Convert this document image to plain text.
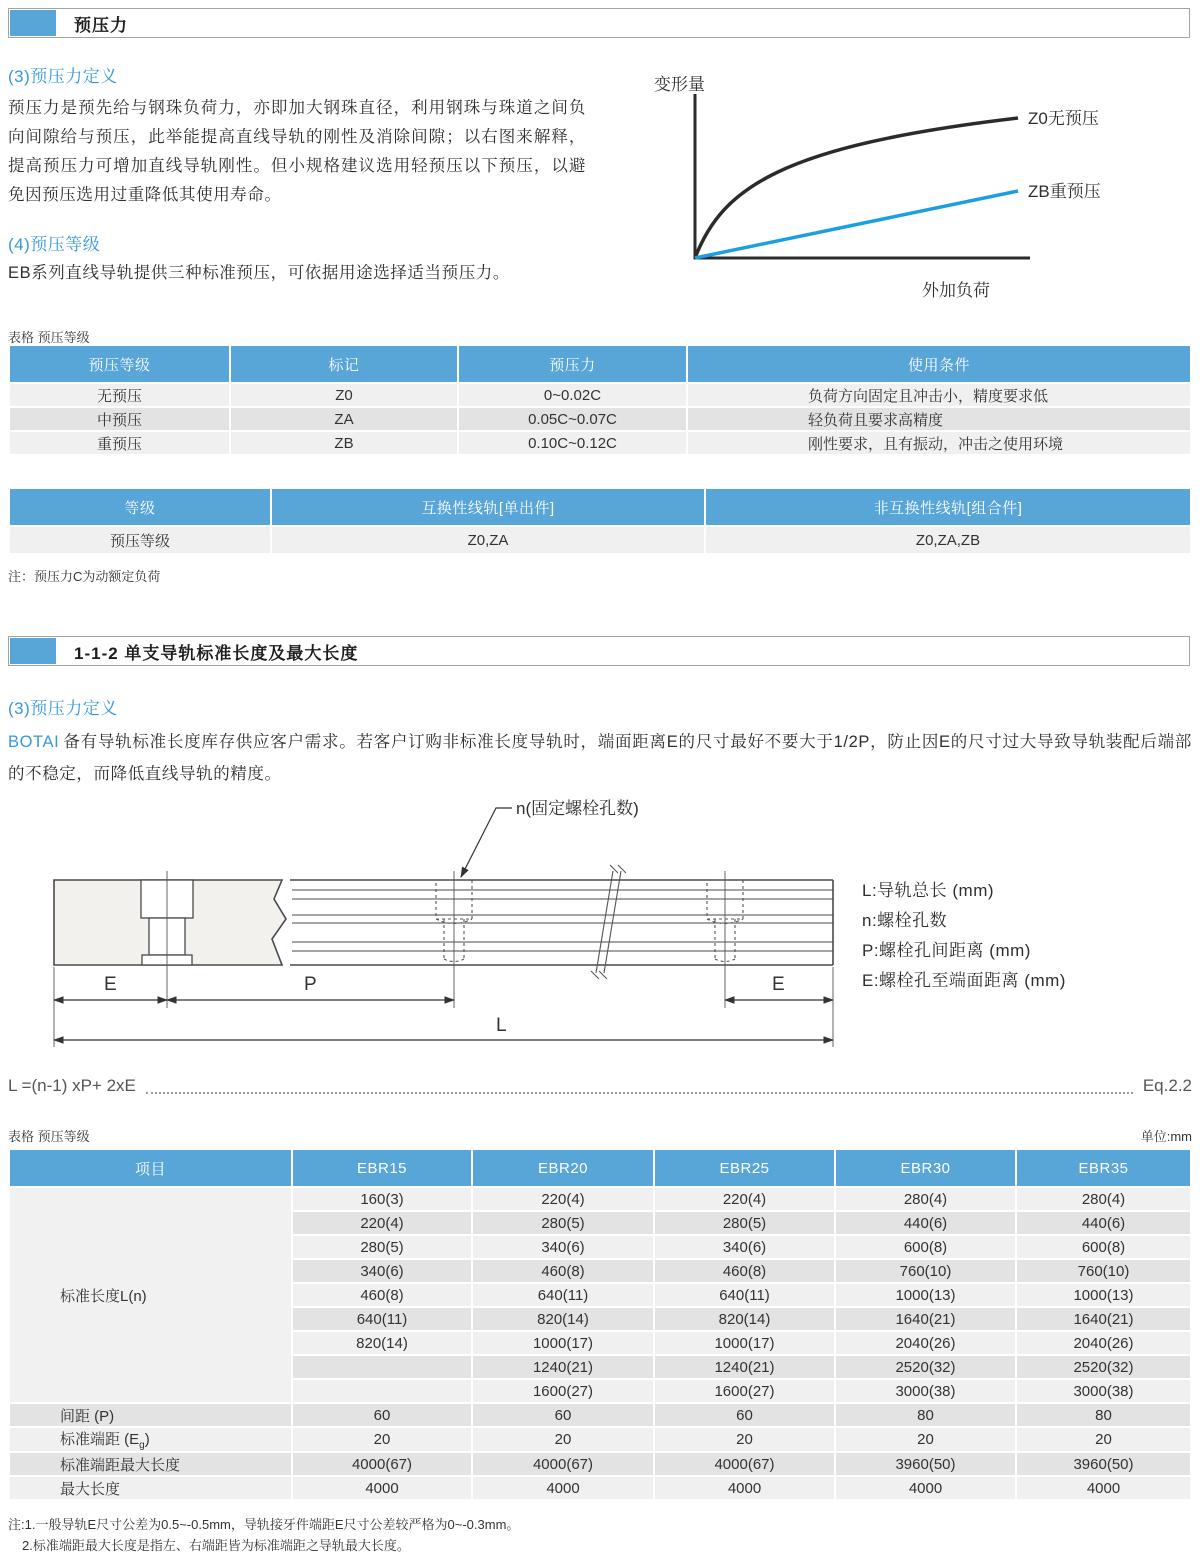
预压力
(3)预压力定义
预压力是预先给与钢珠负荷力，亦即加大钢珠直径，利用钢珠与珠道之间负向间隙给与预压，此举能提高直线导轨的刚性及消除间隙；以右图来解释，提高预压力可增加直线导轨刚性。但小规格建议选用轻预压以下预压，以避免因预压选用过重降低其使用寿命。
(4)预压等级
EB系列直线导轨提供三种标准预压，可依据用途选择适当预压力。
变形量
Z0无预压
ZB重预压
外加负荷
表格 预压等级
预压等级	标记	预压力	使用条件
无预压	Z0	0~0.02C	负荷方向固定且冲击小，精度要求低
中预压	ZA	0.05C~0.07C	轻负荷且要求高精度
重预压	ZB	0.10C~0.12C	刚性要求，且有振动，冲击之使用环境
等级	互换性线轨[单出件]	非互换性线轨[组合件]
预压等级	Z0,ZA	Z0,ZA,ZB
注：预压力C为动额定负荷
1-1-2 单支导轨标准长度及最大长度
(3)预压力定义
BOTAI 备有导轨标准长度库存供应客户需求。若客户订购非标准长度导轨时，端面距离E的尺寸最好不要大于1/2P，防止因E的尺寸过大导致导轨装配后端部的不稳定，而降低直线导轨的精度。
E	P	E
L
n(固定螺栓孔数)
L:导轨总长 (mm)
n:螺栓孔数
P:螺栓孔间距离 (mm)
E:螺栓孔至端面距离 (mm)
L =(n-1) xP+ 2xE	Eq.2.2
表格 预压等级	单位:mm
项目	EBR15	EBR20	EBR25	EBR30	EBR35
标准长度L(n)	160(3)	220(4)	220(4)	280(4)	280(4)
	220(4)	280(5)	280(5)	440(6)	440(6)
	280(5)	340(6)	340(6)	600(8)	600(8)
	340(6)	460(8)	460(8)	760(10)	760(10)
	460(8)	640(11)	640(11)	1000(13)	1000(13)
	640(11)	820(14)	820(14)	1640(21)	1640(21)
	820(14)	1000(17)	1000(17)	2040(26)	2040(26)
		1240(21)	1240(21)	2520(32)	2520(32)
		1600(27)	1600(27)	3000(38)	3000(38)
间距 (P)	60	60	60	80	80
标准端距 $(E_g)$	20	20	20	20	20
标准端距最大长度	4000(67)	4000(67)	4000(67)	3960(50)	3960(50)
最大长度	4000	4000	4000	4000	4000
注:1.一般导轨E尺寸公差为0.5~-0.5mm，导轨接牙件端距E尺寸公差较严格为0~-0.3mm。
2.标准端距最大长度是指左、右端距皆为标准端距之导轨最大长度。
